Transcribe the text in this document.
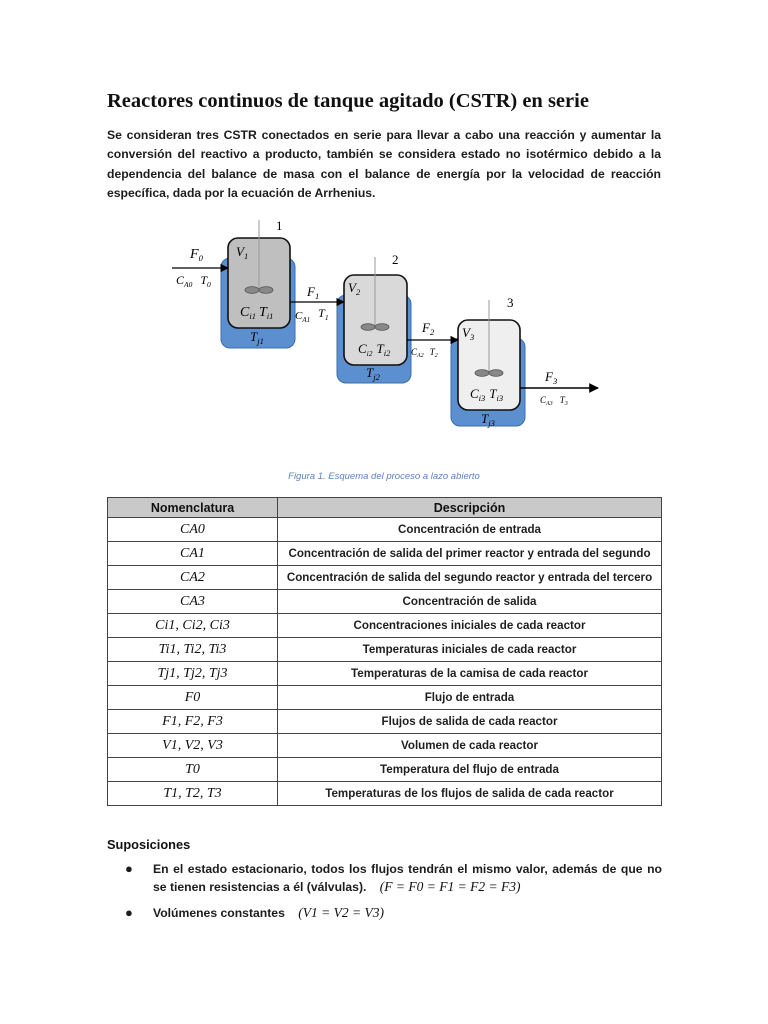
Reactores continuos de tanque agitado (CSTR) en serie
Se consideran tres CSTR conectados en serie para llevar a cabo una reacción y aumentar la conversión del reactivo a producto, también se considera estado no isotérmico debido a la dependencia del balance de masa con el balance de energía por la velocidad de reacción específica, dada por la ecuación de Arrhenius.
1
2
3
$V_1$
$C_{i1}$ $T_{i1}$
$T_{j1}$
$V_2$
$C_{i2}$ $T_{i2}$
$T_{j2}$
$V_3$
$C_{i3}$ $T_{i3}$
$T_{j3}$
$F_0$
$C_{A0}$ $T_0$	$F_1$
$C_{A1}$ $T_1$
$F_2$
$C_{A2}$ $T_2$
$F_3$
$C_{A3}$ $T_3$
Figura 1. Esquema del proceso a lazo abierto
Nomenclatura	Descripción
CA0	Concentración de entrada
CA1	Concentración de salida del primer reactor y entrada del segundo
CA2	Concentración de salida del segundo reactor y entrada del tercero
CA3	Concentración de salida
Ci1, Ci2, Ci3	Concentraciones iniciales de cada reactor
Ti1, Ti2, Ti3	Temperaturas iniciales de cada reactor
Tj1, Tj2, Tj3	Temperaturas de la camisa de cada reactor
F0	Flujo de entrada
F1, F2, F3	Flujos de salida de cada reactor
V1, V2, V3	Volumen de cada reactor
T0	Temperatura del flujo de entrada
T1, T2, T3	Temperaturas de los flujos de salida de cada reactor
Suposiciones
● En el estado estacionario, todos los flujos tendrán el mismo valor, además de que no se tienen resistencias a él (válvulas). (F = F0 = F1 = F2 = F3)
● Volúmenes constantes (V1 = V2 = V3)
